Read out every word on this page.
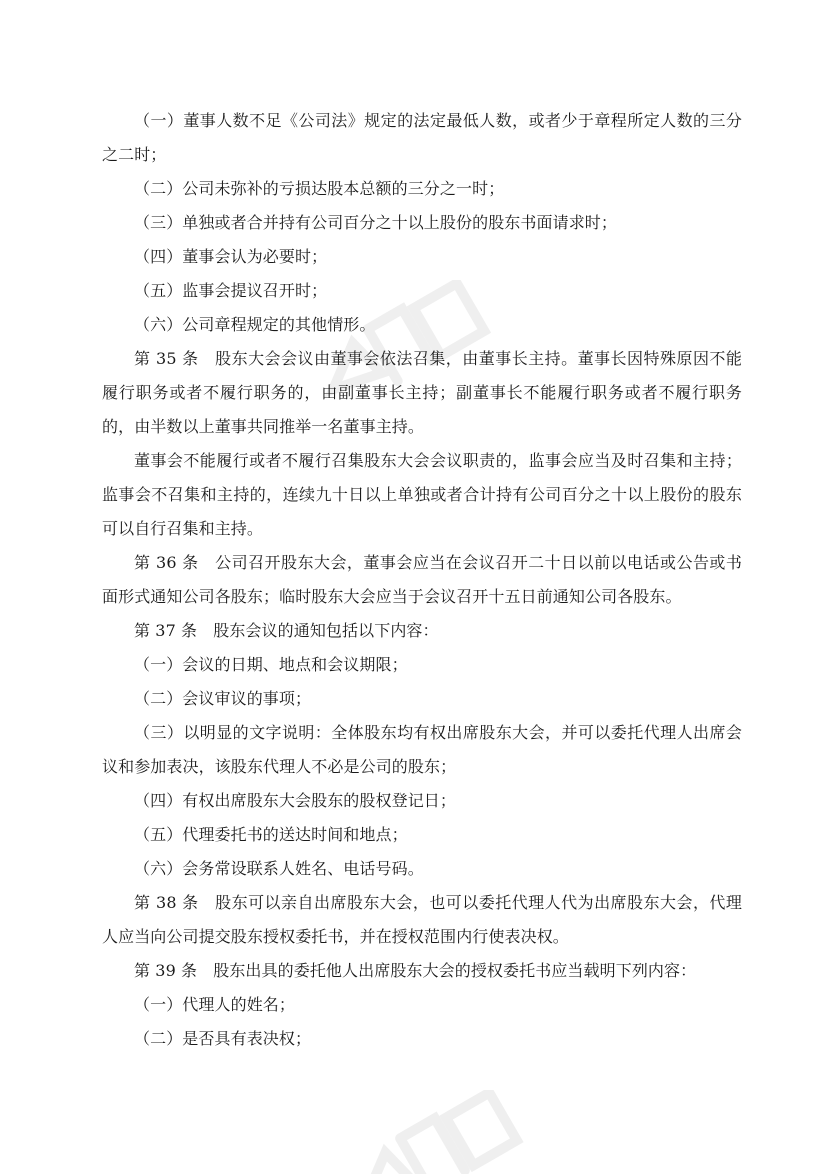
（一）董事人数不足《公司法》规定的法定最低人数，或者少于章程所定人数的三分之二时；

（二）公司未弥补的亏损达股本总额的三分之一时；

（三）单独或者合并持有公司百分之十以上股份的股东书面请求时；

（四）董事会认为必要时；

（五）监事会提议召开时；

（六）公司章程规定的其他情形。

第 35 条　股东大会会议由董事会依法召集，由董事长主持。董事长因特殊原因不能履行职务或者不履行职务的，由副董事长主持；副董事长不能履行职务或者不履行职务的，由半数以上董事共同推举一名董事主持。

董事会不能履行或者不履行召集股东大会会议职责的，监事会应当及时召集和主持；监事会不召集和主持的，连续九十日以上单独或者合计持有公司百分之十以上股份的股东可以自行召集和主持。

第 36 条　公司召开股东大会，董事会应当在会议召开二十日以前以电话或公告或书面形式通知公司各股东；临时股东大会应当于会议召开十五日前通知公司各股东。

第 37 条　股东会议的通知包括以下内容：

（一）会议的日期、地点和会议期限；

（二）会议审议的事项；

（三）以明显的文字说明：全体股东均有权出席股东大会，并可以委托代理人出席会议和参加表决，该股东代理人不必是公司的股东；

（四）有权出席股东大会股东的股权登记日；

（五）代理委托书的送达时间和地点；

（六）会务常设联系人姓名、电话号码。

第 38 条　股东可以亲自出席股东大会，也可以委托代理人代为出席股东大会，代理人应当向公司提交股东授权委托书，并在授权范围内行使表决权。

第 39 条　股东出具的委托他人出席股东大会的授权委托书应当载明下列内容：

（一）代理人的姓名；

（二）是否具有表决权；
